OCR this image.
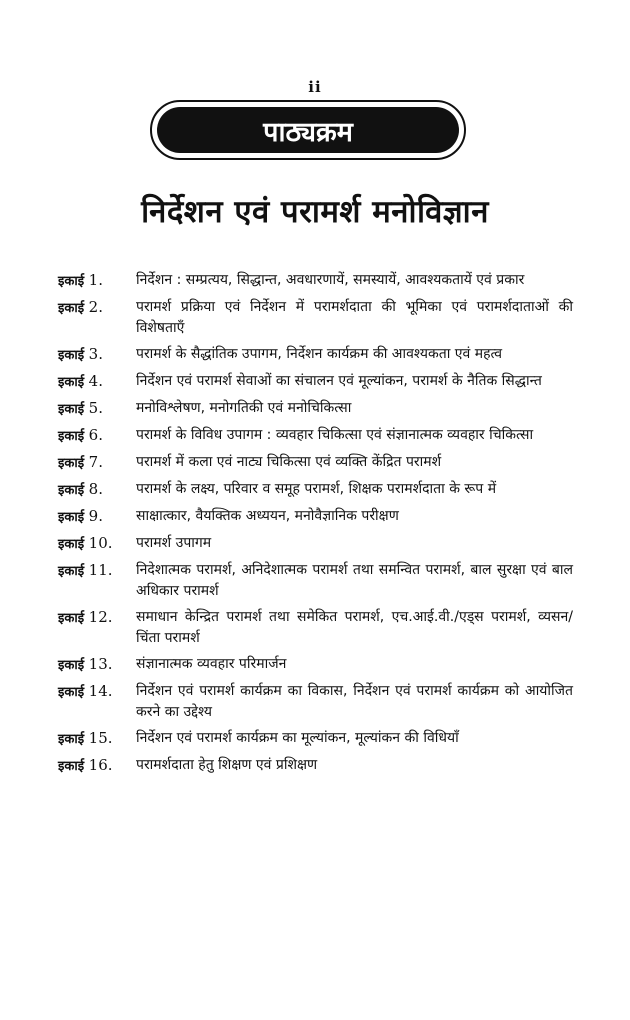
ii
पाठ्यक्रम
निर्देशन एवं परामर्श मनोविज्ञान
इकाई 1.	निर्देशन : सम्प्रत्यय, सिद्धान्त, अवधारणायें, समस्यायें, आवश्यकतायें एवं प्रकार
इकाई 2.	परामर्श प्रक्रिया एवं निर्देशन में परामर्शदाता की भूमिका एवं परामर्शदाताओं की विशेषताएँ
इकाई 3.	परामर्श के सैद्धांतिक उपागम, निर्देशन कार्यक्रम की आवश्यकता एवं महत्व
इकाई 4.	निर्देशन एवं परामर्श सेवाओं का संचालन एवं मूल्यांकन, परामर्श के नैतिक सिद्धान्त
इकाई 5.	मनोविश्लेषण, मनोगतिकी एवं मनोचिकित्सा
इकाई 6.	परामर्श के विविध उपागम : व्यवहार चिकित्सा एवं संज्ञानात्मक व्यवहार चिकित्सा
इकाई 7.	परामर्श में कला एवं नाट्य चिकित्सा एवं व्यक्ति केंद्रित परामर्श
इकाई 8.	परामर्श के लक्ष्य, परिवार व समूह परामर्श, शिक्षक परामर्शदाता के रूप में
इकाई 9.	साक्षात्कार, वैयक्तिक अध्ययन, मनोवैज्ञानिक परीक्षण
इकाई 10.	परामर्श उपागम
इकाई 11.	निदेशात्मक परामर्श, अनिदेशात्मक परामर्श तथा समन्वित परामर्श, बाल सुरक्षा एवं बाल अधिकार परामर्श
इकाई 12.	समाधान केन्द्रित परामर्श तथा समेकित परामर्श, एच.आई.वी./एड्स परामर्श, व्यसन/चिंता परामर्श
इकाई 13.	संज्ञानात्मक व्यवहार परिमार्जन
इकाई 14.	निर्देशन एवं परामर्श कार्यक्रम का विकास, निर्देशन एवं परामर्श कार्यक्रम को आयोजित करने का उद्देश्य
इकाई 15.	निर्देशन एवं परामर्श कार्यक्रम का मूल्यांकन, मूल्यांकन की विधियाँ
इकाई 16.	परामर्शदाता हेतु शिक्षण एवं प्रशिक्षण
